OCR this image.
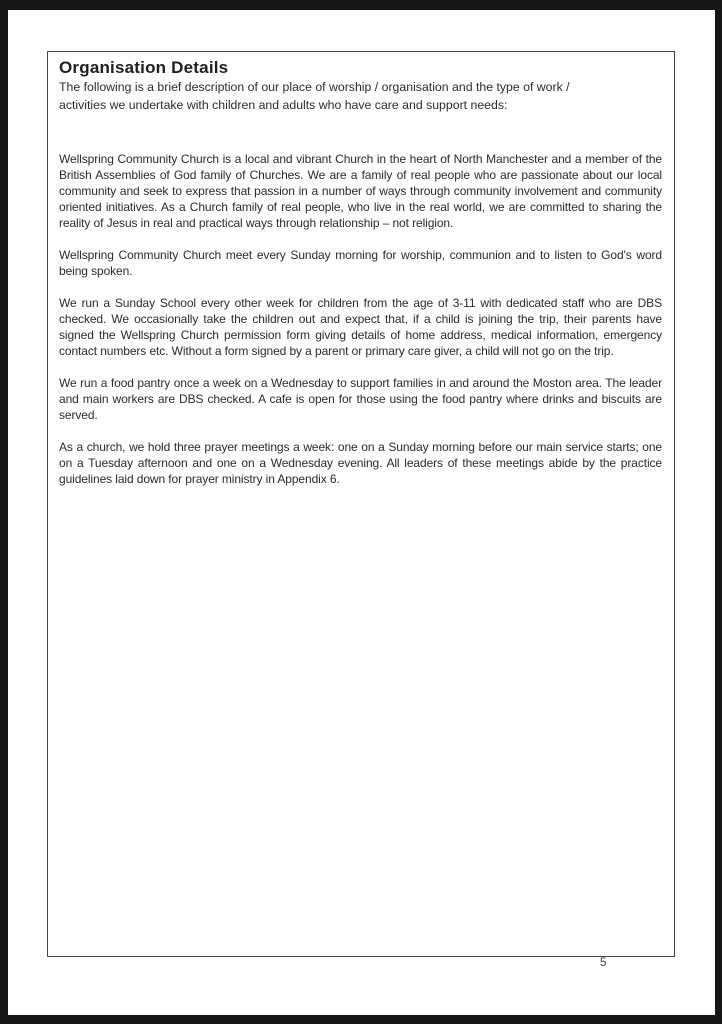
Organisation Details
The following is a brief description of our place of worship / organisation and the type of work /
activities we undertake with children and adults who have care and support needs:

Wellspring Community Church is a local and vibrant Church in the heart of North Manchester and a member of the British Assemblies of God family of Churches. We are a family of real people who are passionate about our local community and seek to express that passion in a number of ways through community involvement and community oriented initiatives. As a Church family of real people, who live in the real world, we are committed to sharing the reality of Jesus in real and practical ways through relationship – not religion.

Wellspring Community Church meet every Sunday morning for worship, communion and to listen to God's word being spoken.

We run a Sunday School every other week for children from the age of 3-11 with dedicated staff who are DBS checked. We occasionally take the children out and expect that, if a child is joining the trip, their parents have signed the Wellspring Church permission form giving details of home address, medical information, emergency contact numbers etc. Without a form signed by a parent or primary care giver, a child will not go on the trip.

We run a food pantry once a week on a Wednesday to support families in and around the Moston area. The leader and main workers are DBS checked. A cafe is open for those using the food pantry where drinks and biscuits are served.

As a church, we hold three prayer meetings a week: one on a Sunday morning before our main service starts; one on a Tuesday afternoon and one on a Wednesday evening. All leaders of these meetings abide by the practice guidelines laid down for prayer ministry in Appendix 6.

5
